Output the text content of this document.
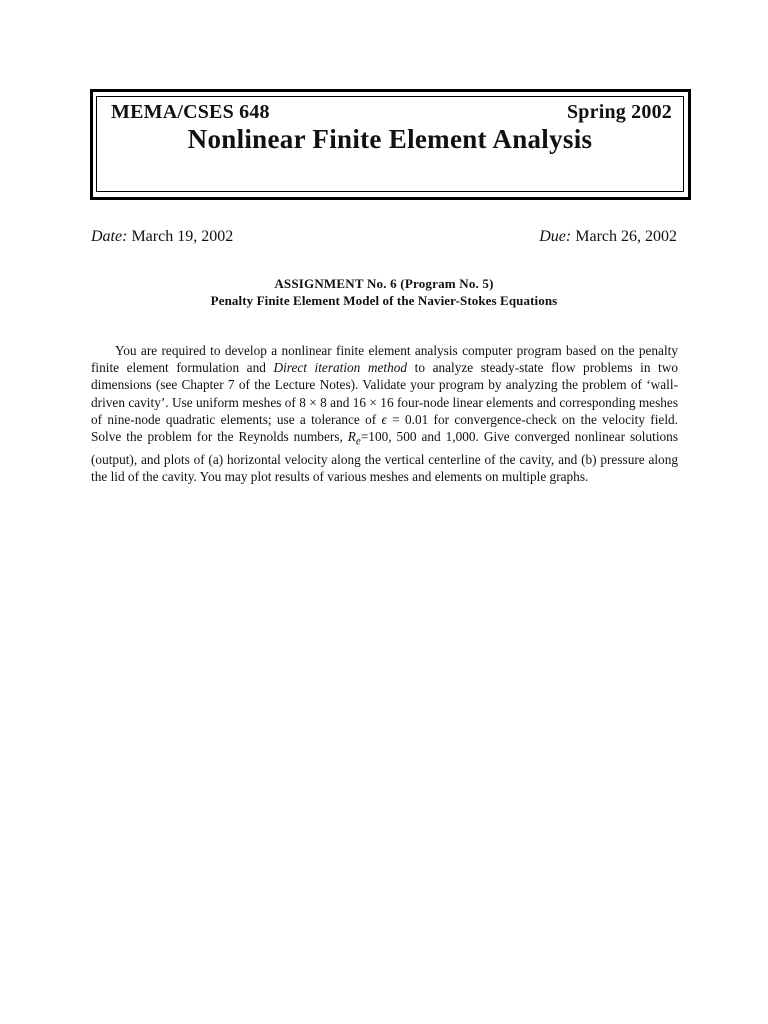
MEMA/CSES 648	Spring 2002
Nonlinear Finite Element Analysis
Date: March 19, 2002	Due: March 26, 2002
ASSIGNMENT No. 6 (Program No. 5)
Penalty Finite Element Model of the Navier-Stokes Equations

You are required to develop a nonlinear finite element analysis computer program based on the penalty finite element formulation and Direct iteration method to analyze steady-state flow problems in two dimensions (see Chapter 7 of the Lecture Notes). Validate your program by analyzing the problem of ‘wall-driven cavity’. Use uniform meshes of 8 × 8 and 16 × 16 four-node linear elements and corresponding meshes of nine-node quadratic elements; use a tolerance of ϵ = 0.01 for convergence-check on the velocity field. Solve the problem for the Reynolds numbers, $R_e=100$, 500 and 1,000. Give converged nonlinear solutions (output), and plots of (a) horizontal velocity along the vertical centerline of the cavity, and (b) pressure along the lid of the cavity. You may plot results of various meshes and elements on multiple graphs.
